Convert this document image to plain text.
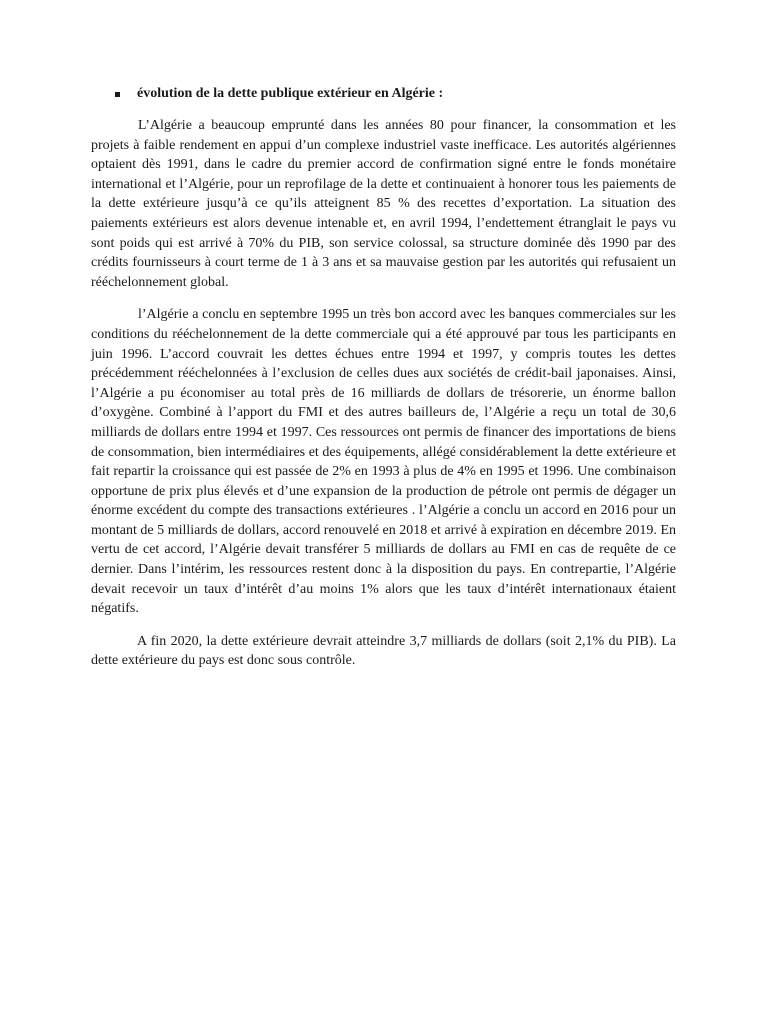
évolution de la dette publique extérieur en Algérie :

L’Algérie a beaucoup emprunté dans les années 80 pour financer, la consommation et les projets à faible rendement en appui d’un complexe industriel vaste inefficace. Les autorités algériennes optaient dès 1991, dans le cadre du premier accord de confirmation signé entre le fonds monétaire international et l’Algérie, pour un reprofilage de la dette et continuaient à honorer tous les paiements de la dette extérieure jusqu’à ce qu’ils atteignent 85 % des recettes d’exportation. La situation des paiements extérieurs est alors devenue intenable et, en avril 1994, l’endettement étranglait le pays vu sont poids qui est arrivé à 70% du PIB, son service colossal, sa structure dominée dès 1990 par des crédits fournisseurs à court terme de 1 à 3 ans et sa mauvaise gestion par les autorités qui refusaient un rééchelonnement global.

l’Algérie a conclu en septembre 1995 un très bon accord avec les banques commerciales sur les conditions du rééchelonnement de la dette commerciale qui a été approuvé par tous les participants en juin 1996. L’accord couvrait les dettes échues entre 1994 et 1997, y compris toutes les dettes précédemment rééchelonnées à l’exclusion de celles dues aux sociétés de crédit-bail japonaises. Ainsi, l’Algérie a pu économiser au total près de 16 milliards de dollars de trésorerie, un énorme ballon d’oxygène. Combiné à l’apport du FMI et des autres bailleurs de, l’Algérie a reçu un total de 30,6 milliards de dollars entre 1994 et 1997. Ces ressources ont permis de financer des importations de biens de consommation, bien intermédiaires et des équipements, allégé considérablement la dette extérieure et fait repartir la croissance qui est passée de 2% en 1993 à plus de 4% en 1995 et 1996. Une combinaison opportune de prix plus élevés et d’une expansion de la production de pétrole ont permis de dégager un énorme excédent du compte des transactions extérieures . l’Algérie a conclu un accord en 2016 pour un montant de 5 milliards de dollars, accord renouvelé en 2018 et arrivé à expiration en décembre 2019. En vertu de cet accord, l’Algérie devait transférer 5 milliards de dollars au FMI en cas de requête de ce dernier. Dans l’intérim, les ressources restent donc à la disposition du pays. En contrepartie, l’Algérie devait recevoir un taux d’intérêt d’au moins 1% alors que les taux d’intérêt internationaux étaient négatifs.

A fin 2020, la dette extérieure devrait atteindre 3,7 milliards de dollars (soit 2,1% du PIB). La dette extérieure du pays est donc sous contrôle.
